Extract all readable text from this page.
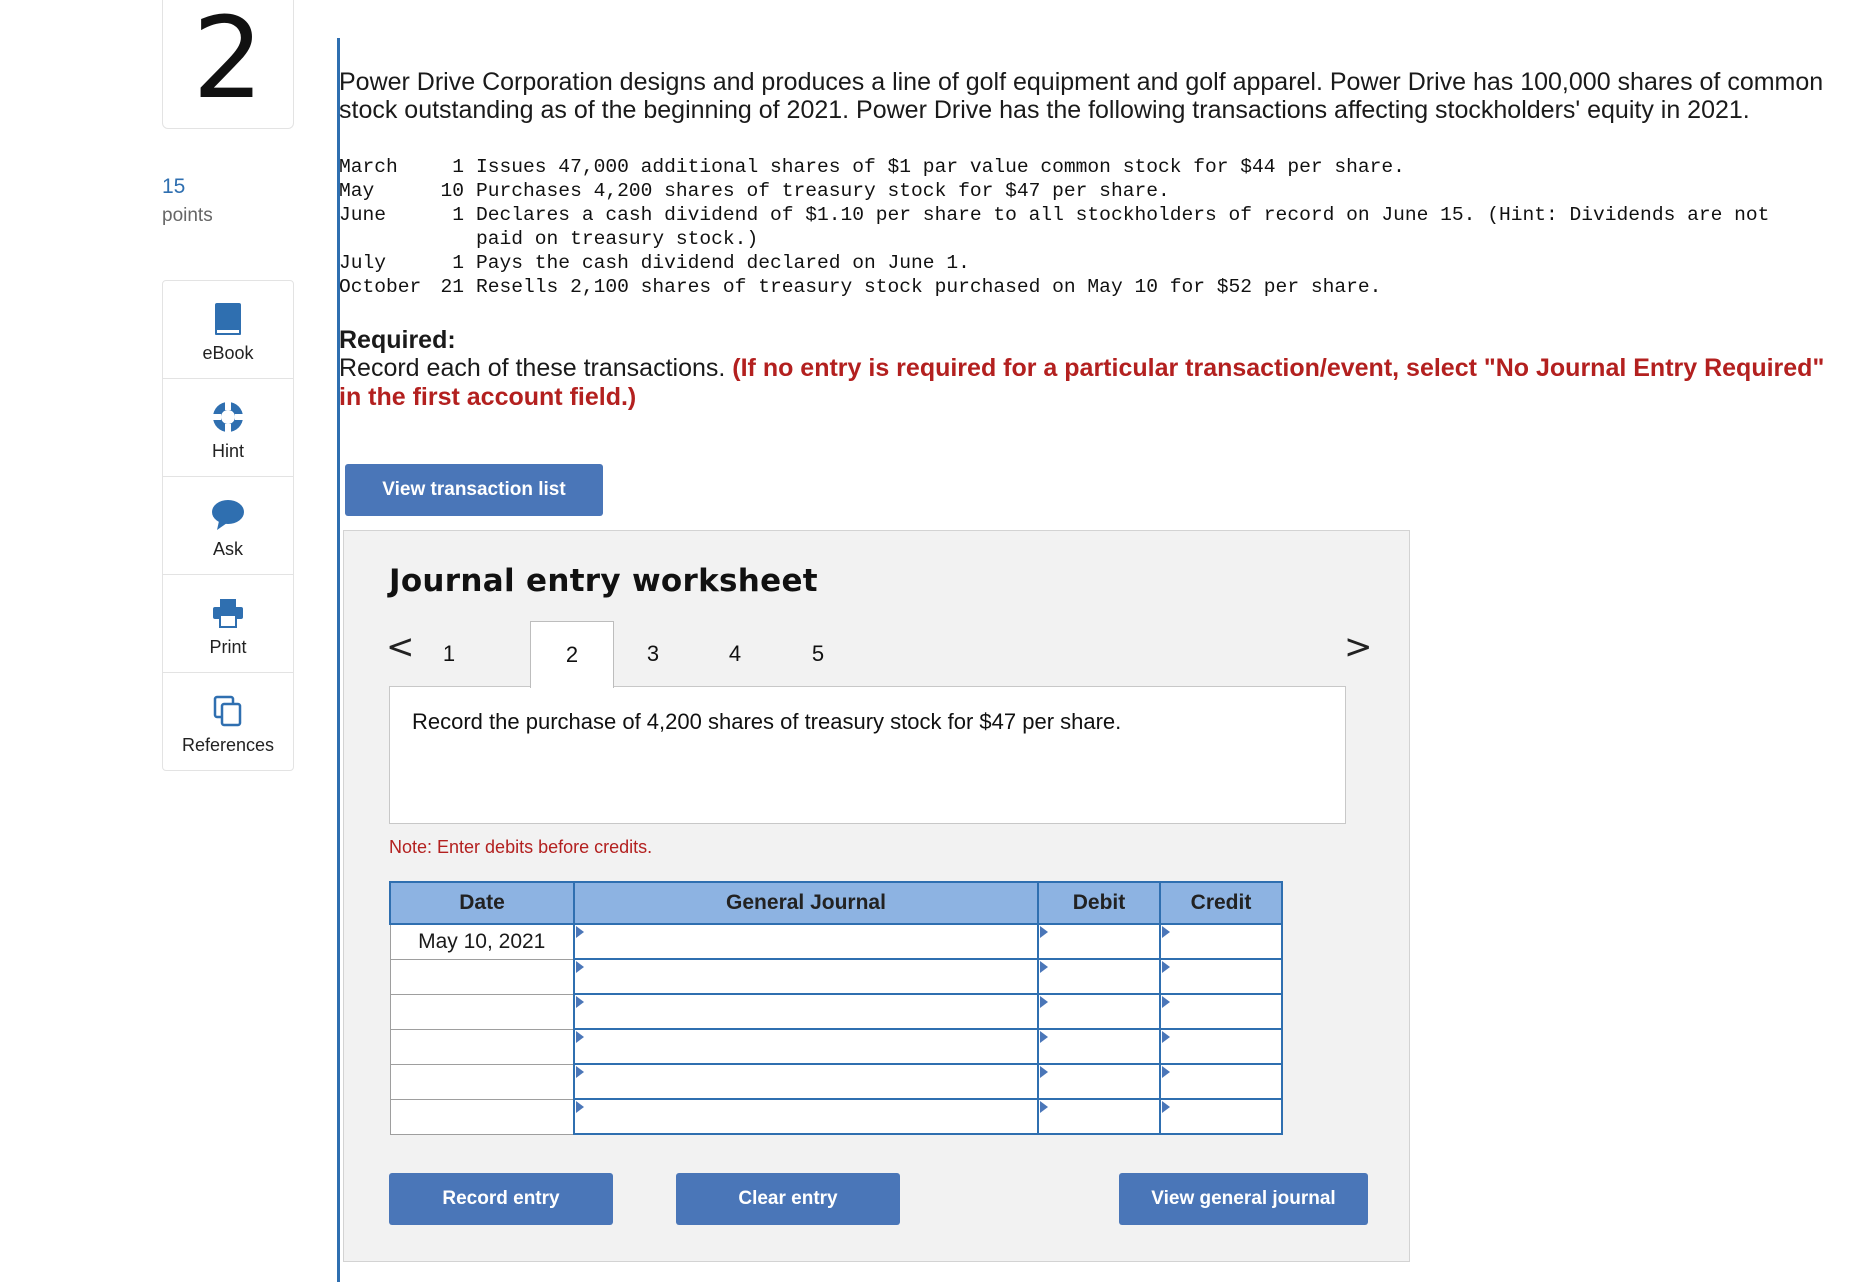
2
15
points
eBook
Hint
Ask
Print
References
Power Drive Corporation designs and produces a line of golf equipment and golf apparel. Power Drive has 100,000 shares of common stock outstanding as of the beginning of 2021. Power Drive has the following transactions affecting stockholders' equity in 2021.
March	1 Issues 47,000 additional shares of $1 par value common stock for $44 per share.
May	10 Purchases 4,200 shares of treasury stock for $47 per share.
June	1 Declares a cash dividend of $1.10 per share to all stockholders of record on June 15. (Hint: Dividends are not paid on treasury stock.)
July	1 Pays the cash dividend declared on June 1.
October 21 Resells 2,100 shares of treasury stock purchased on May 10 for $52 per share.
Required:
Record each of these transactions. (If no entry is required for a particular transaction/event, select "No Journal Entry Required" in the first account field.)
View transaction list
Journal entry worksheet
<	1	2	3	4	5	>
Record the purchase of 4,200 shares of treasury stock for $47 per share.
Note: Enter debits before credits.
Date	General Journal	Debit	Credit
May 10, 2021			

Record entry	Clear entry	View general journal
